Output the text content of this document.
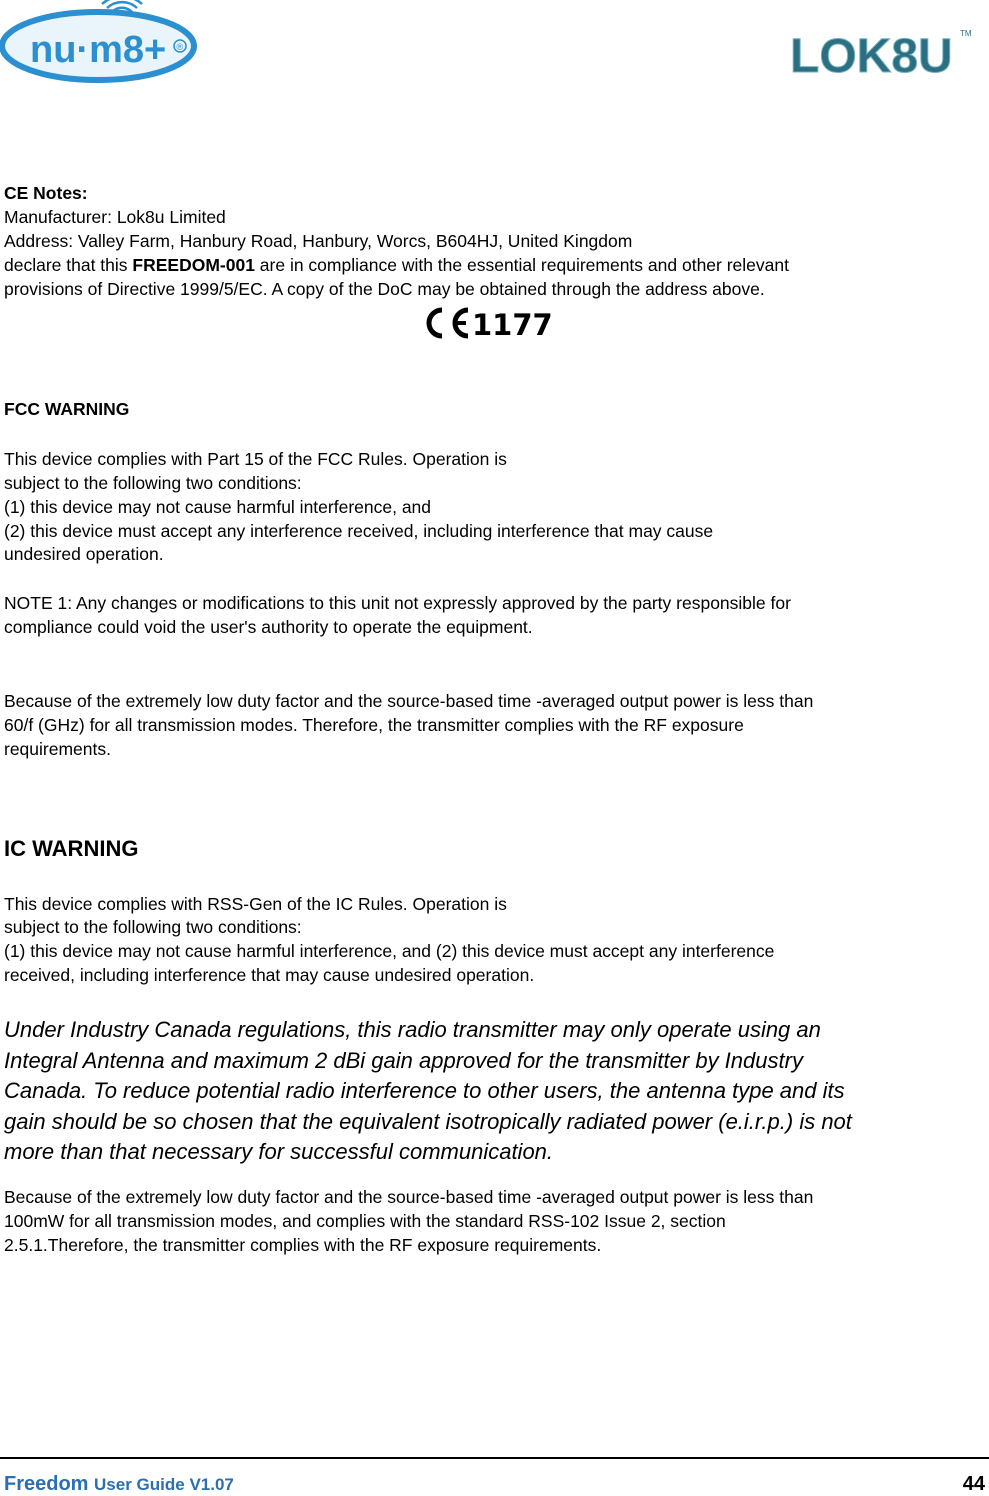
nu·m8+ ®	LOK8U TM
CE Notes:
Manufacturer: Lok8u Limited
Address: Valley Farm, Hanbury Road, Hanbury, Worcs, B604HJ, United Kingdom
declare that this FREEDOM-001 are in compliance with the essential requirements and other relevant
provisions of Directive 1999/5/EC. A copy of the DoC may be obtained through the address above.
1177
FCC WARNING
This device complies with Part 15 of the FCC Rules. Operation is
subject to the following two conditions:
(1) this device may not cause harmful interference, and
(2) this device must accept any interference received, including interference that may cause
undesired operation.
NOTE 1: Any changes or modifications to this unit not expressly approved by the party responsible for
compliance could void the user's authority to operate the equipment.
Because of the extremely low duty factor and the source-based time -averaged output power is less than
60/f (GHz) for all transmission modes. Therefore, the transmitter complies with the RF exposure
requirements.
IC WARNING
This device complies with RSS-Gen of the IC Rules. Operation is
subject to the following two conditions:
(1) this device may not cause harmful interference, and (2) this device must accept any interference
received, including interference that may cause undesired operation.
Under Industry Canada regulations, this radio transmitter may only operate using an
Integral Antenna and maximum 2 dBi gain approved for the transmitter by Industry
Canada. To reduce potential radio interference to other users, the antenna type and its
gain should be so chosen that the equivalent isotropically radiated power (e.i.r.p.) is not
more than that necessary for successful communication.
Because of the extremely low duty factor and the source-based time -averaged output power is less than
100mW for all transmission modes, and complies with the standard RSS-102 Issue 2, section
2.5.1.Therefore, the transmitter complies with the RF exposure requirements.
Freedom User Guide V1.07	44
